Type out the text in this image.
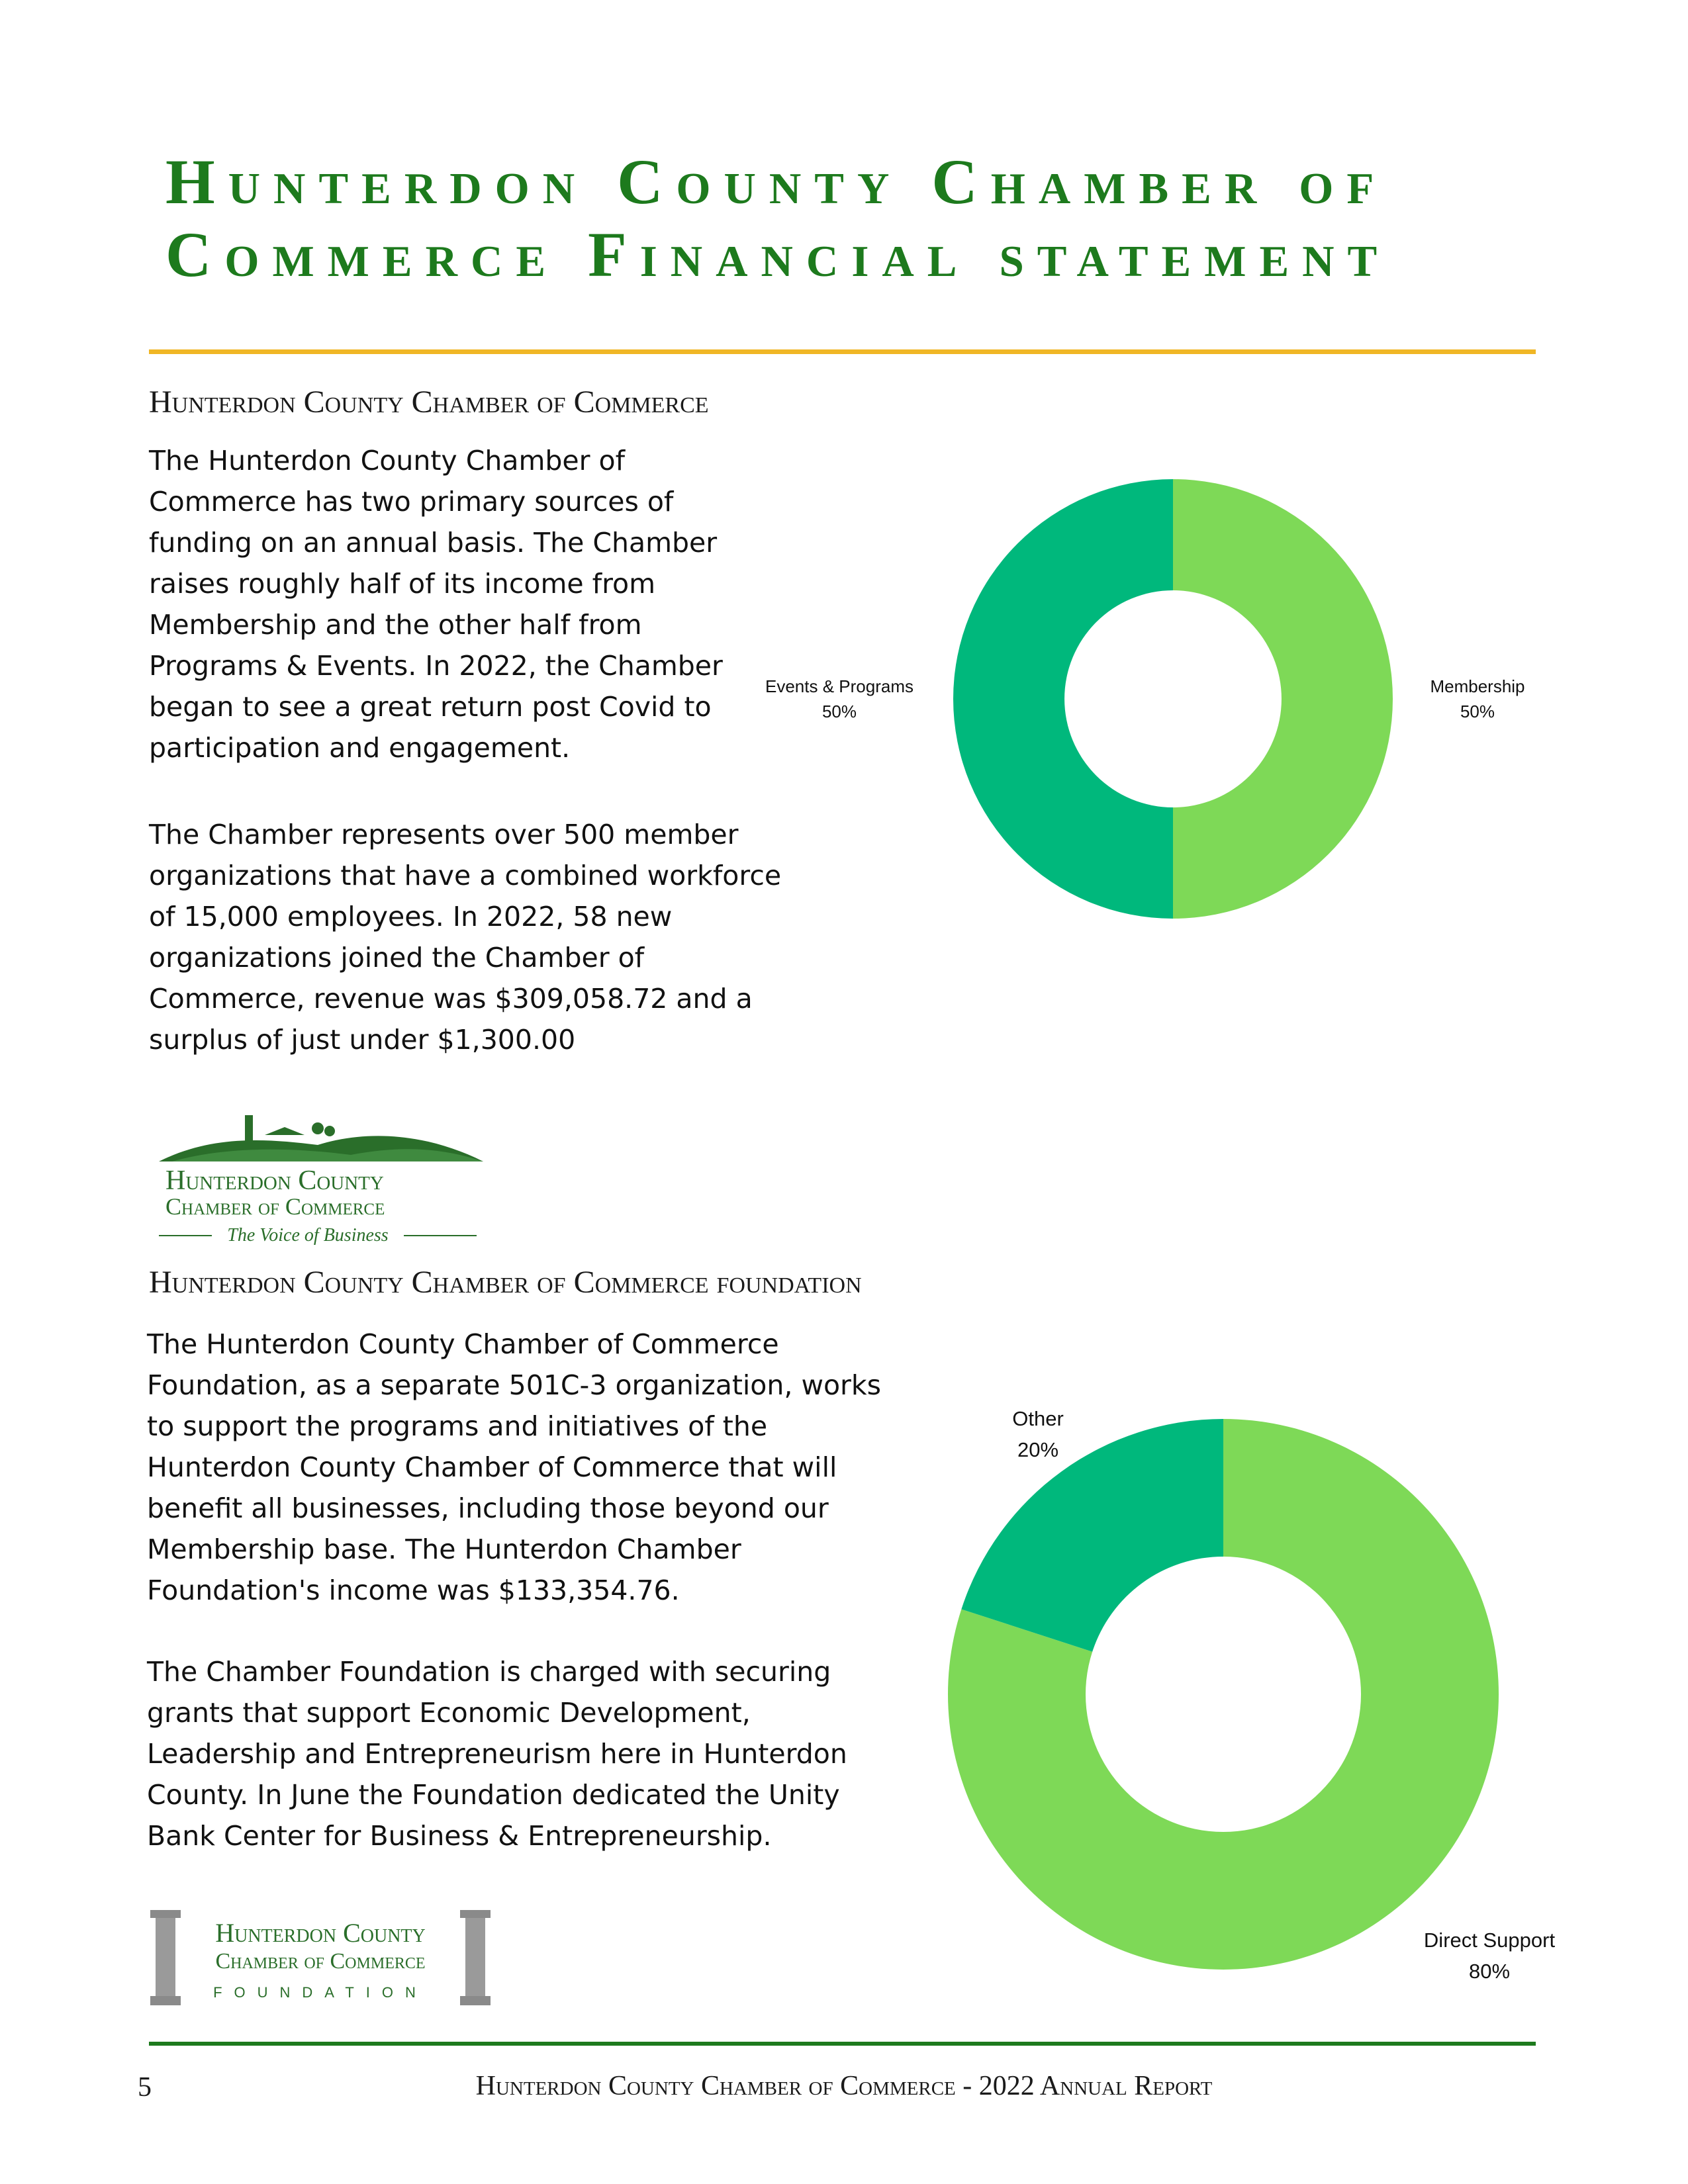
Hunterdon County Chamber of Commerce Financial statement
Hunterdon County Chamber of Commerce

The Hunterdon County Chamber of
Commerce has two primary sources of
funding on an annual basis. The Chamber
raises roughly half of its income from
Membership and the other half from
Programs & Events. In 2022, the Chamber
began to see a great return post Covid to
participation and engagement.

The Chamber represents over 500 member
organizations that have a combined workforce
of 15,000 employees. In 2022, 58 new
organizations joined the Chamber of
Commerce, revenue was $309,058.72 and a
surplus of just under $1,300.00

Membership
50%
Events & Programs
50%
Hunterdon County
Chamber of Commerce
The Voice of Business
Hunterdon County Chamber of Commerce foundation

The Hunterdon County Chamber of Commerce
Foundation, as a separate 501C-3 organization, works
to support the programs and initiatives of the
Hunterdon County Chamber of Commerce that will
benefit all businesses, including those beyond our
Membership base. The Hunterdon Chamber
Foundation's income was $133,354.76.

The Chamber Foundation is charged with securing
grants that support Economic Development,
Leadership and Entrepreneurism here in Hunterdon
County. In June the Foundation dedicated the Unity
Bank Center for Business & Entrepreneurship.

Direct Support
80%
Other
20%
Hunterdon County
Chamber of Commerce
FOUNDATION
5	Hunterdon County Chamber of Commerce - 2022 Annual Report
